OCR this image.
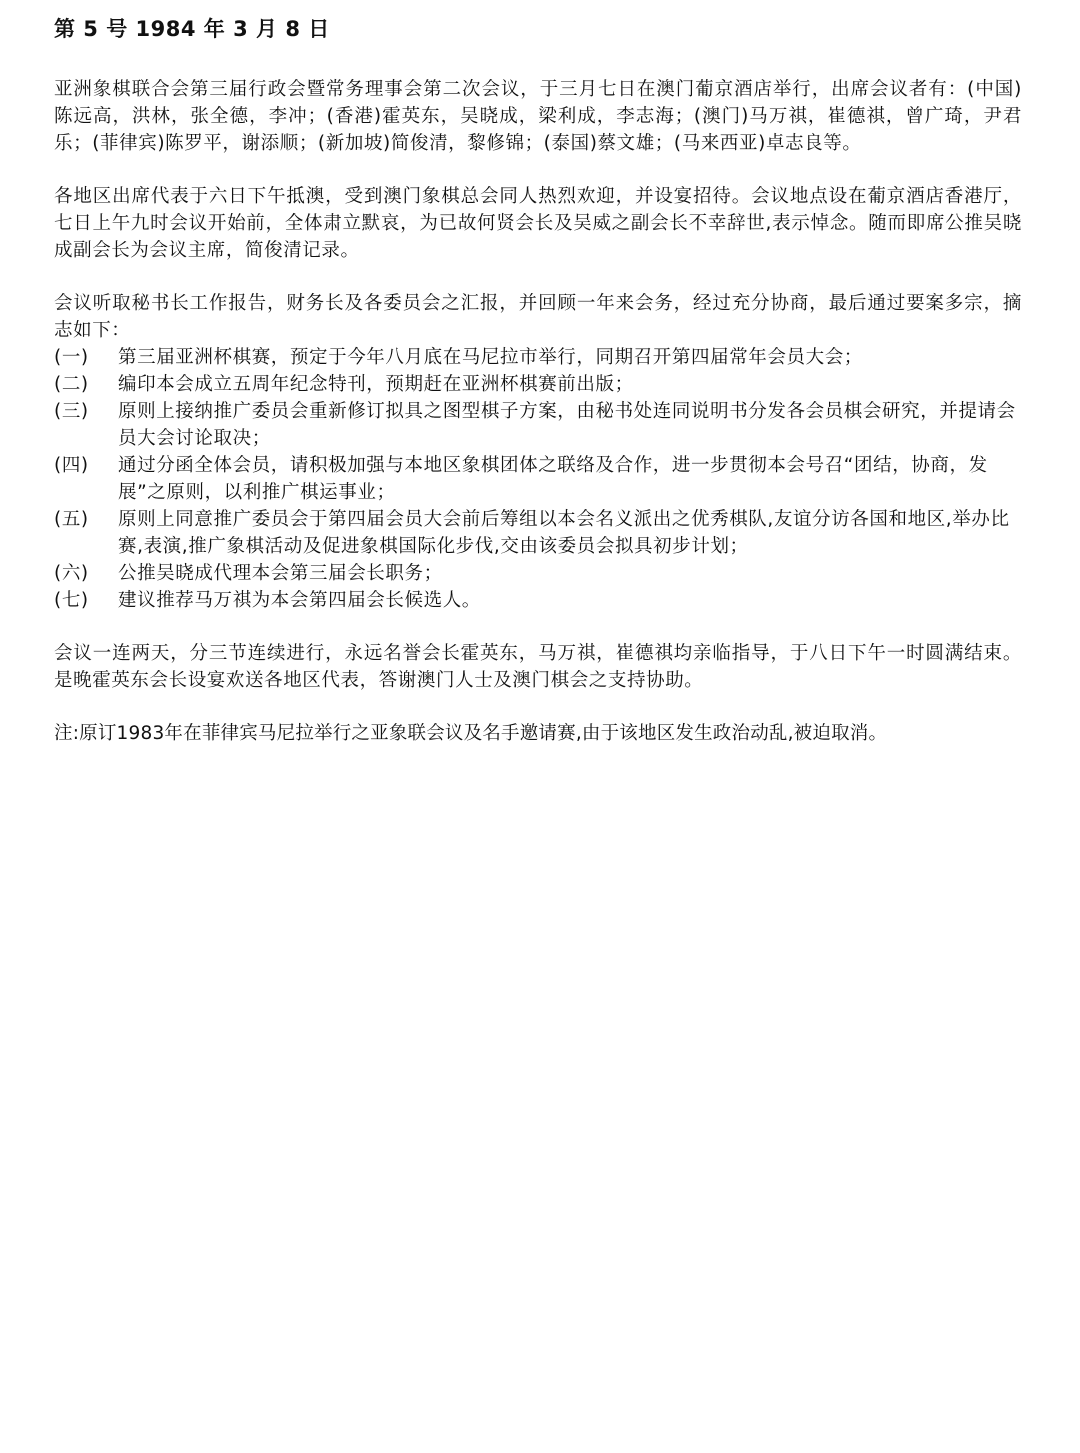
第 5 号 1984 年 3 月 8 日

亚洲象棋联合会第三届行政会暨常务理事会第二次会议，于三月七日在澳门葡京酒店举行，出席会议者有：(中国)陈远高，洪林，张全德，李冲；(香港)霍英东，吴晓成，梁利成，李志海；(澳门)马万祺，崔德祺，曾广琦，尹君乐；(菲律宾)陈罗平，谢添顺；(新加坡)简俊清，黎修锦；(泰国)蔡文雄；(马来西亚)卓志良等。

各地区出席代表于六日下午抵澳，受到澳门象棋总会同人热烈欢迎，并设宴招待。会议地点设在葡京酒店香港厅，七日上午九时会议开始前，全体肃立默哀，为已故何贤会长及吴威之副会长不幸辞世,表示悼念。随而即席公推吴晓成副会长为会议主席，简俊清记录。

会议听取秘书长工作报告，财务长及各委员会之汇报，并回顾一年来会务，经过充分协商，最后通过要案多宗，摘志如下：

(一)	第三届亚洲杯棋赛，预定于今年八月底在马尼拉市举行，同期召开第四届常年会员大会；
(二)	编印本会成立五周年纪念特刊，预期赶在亚洲杯棋赛前出版；
(三)	原则上接纳推广委员会重新修订拟具之图型棋子方案，由秘书处连同说明书分发各会员棋会研究，并提请会员大会讨论取决；
(四)	通过分函全体会员，请积极加强与本地区象棋团体之联络及合作，进一步贯彻本会号召“团结，协商，发展”之原则，以利推广棋运事业；
(五)	原则上同意推广委员会于第四届会员大会前后筹组以本会名义派出之优秀棋队,友谊分访各国和地区,举办比赛,表演,推广象棋活动及促进象棋国际化步伐,交由该委员会拟具初步计划；
(六)	公推吴晓成代理本会第三届会长职务；
(七)	建议推荐马万祺为本会第四届会长候选人。

会议一连两天，分三节连续进行，永远名誉会长霍英东，马万祺，崔德祺均亲临指导，于八日下午一时圆满结束。是晚霍英东会长设宴欢送各地区代表，答谢澳门人士及澳门棋会之支持协助。

注:原订1983年在菲律宾马尼拉举行之亚象联会议及名手邀请赛,由于该地区发生政治动乱,被迫取消。
